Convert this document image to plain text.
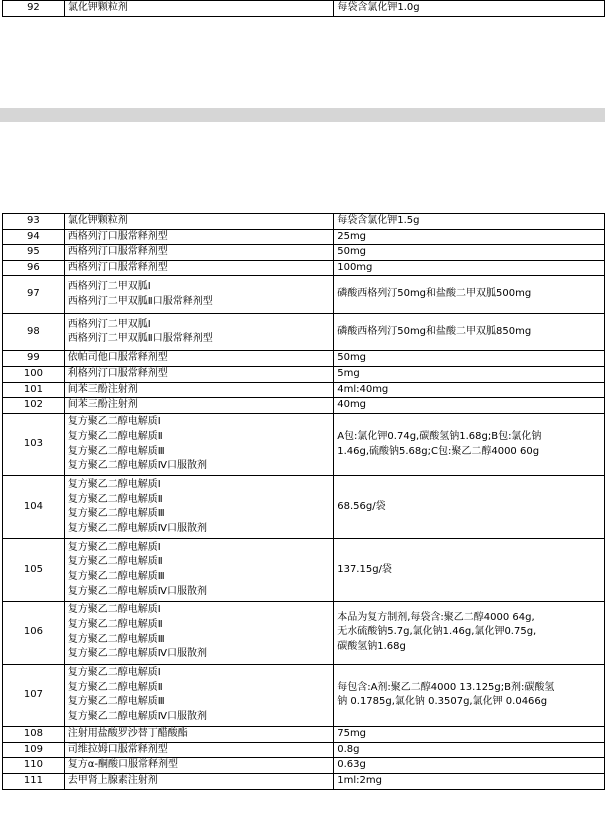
92	氯化钾颗粒剂	每袋含氯化钾1.0g
93	氯化钾颗粒剂	每袋含氯化钾1.5g

94	西格列汀口服常释剂型	25mg

95	西格列汀口服常释剂型	50mg

96	西格列汀口服常释剂型	100mg

97	西格列汀二甲双胍Ⅰ
西格列汀二甲双胍Ⅱ口服常释剂型	磷酸西格列汀50mg和盐酸二甲双胍500mg

98	西格列汀二甲双胍Ⅰ
西格列汀二甲双胍Ⅱ口服常释剂型	磷酸西格列汀50mg和盐酸二甲双胍850mg

99	依帕司他口服常释剂型	50mg

100	利格列汀口服常释剂型	5mg

101	间苯三酚注射剂	4ml:40mg

102	间苯三酚注射剂	40mg

103	复方聚乙二醇电解质Ⅰ
复方聚乙二醇电解质Ⅱ
复方聚乙二醇电解质Ⅲ
复方聚乙二醇电解质Ⅳ口服散剂	A包:氯化钾0.74g,碳酸氢钠1.68g;B包:氯化钠
1.46g,硫酸钠5.68g;C包:聚乙二醇4000 60g

104	复方聚乙二醇电解质Ⅰ
复方聚乙二醇电解质Ⅱ
复方聚乙二醇电解质Ⅲ
复方聚乙二醇电解质Ⅳ口服散剂	68.56g/袋

105	复方聚乙二醇电解质Ⅰ
复方聚乙二醇电解质Ⅱ
复方聚乙二醇电解质Ⅲ
复方聚乙二醇电解质Ⅳ口服散剂	137.15g/袋

106	复方聚乙二醇电解质Ⅰ
复方聚乙二醇电解质Ⅱ
复方聚乙二醇电解质Ⅲ
复方聚乙二醇电解质Ⅳ口服散剂	本品为复方制剂,每袋含:聚乙二醇4000 64g,
无水硫酸钠5.7g,氯化钠1.46g,氯化钾0.75g,
碳酸氢钠1.68g

107	复方聚乙二醇电解质Ⅰ
复方聚乙二醇电解质Ⅱ
复方聚乙二醇电解质Ⅲ
复方聚乙二醇电解质Ⅳ口服散剂	每包含:A剂:聚乙二醇4000 13.125g;B剂:碳酸氢
钠 0.1785g,氯化钠 0.3507g,氯化钾 0.0466g

108	注射用盐酸罗沙替丁醋酸酯	75mg

109	司维拉姆口服常释剂型	0.8g

110	复方α-酮酸口服常释剂型	0.63g

111	去甲肾上腺素注射剂	1ml:2mg
